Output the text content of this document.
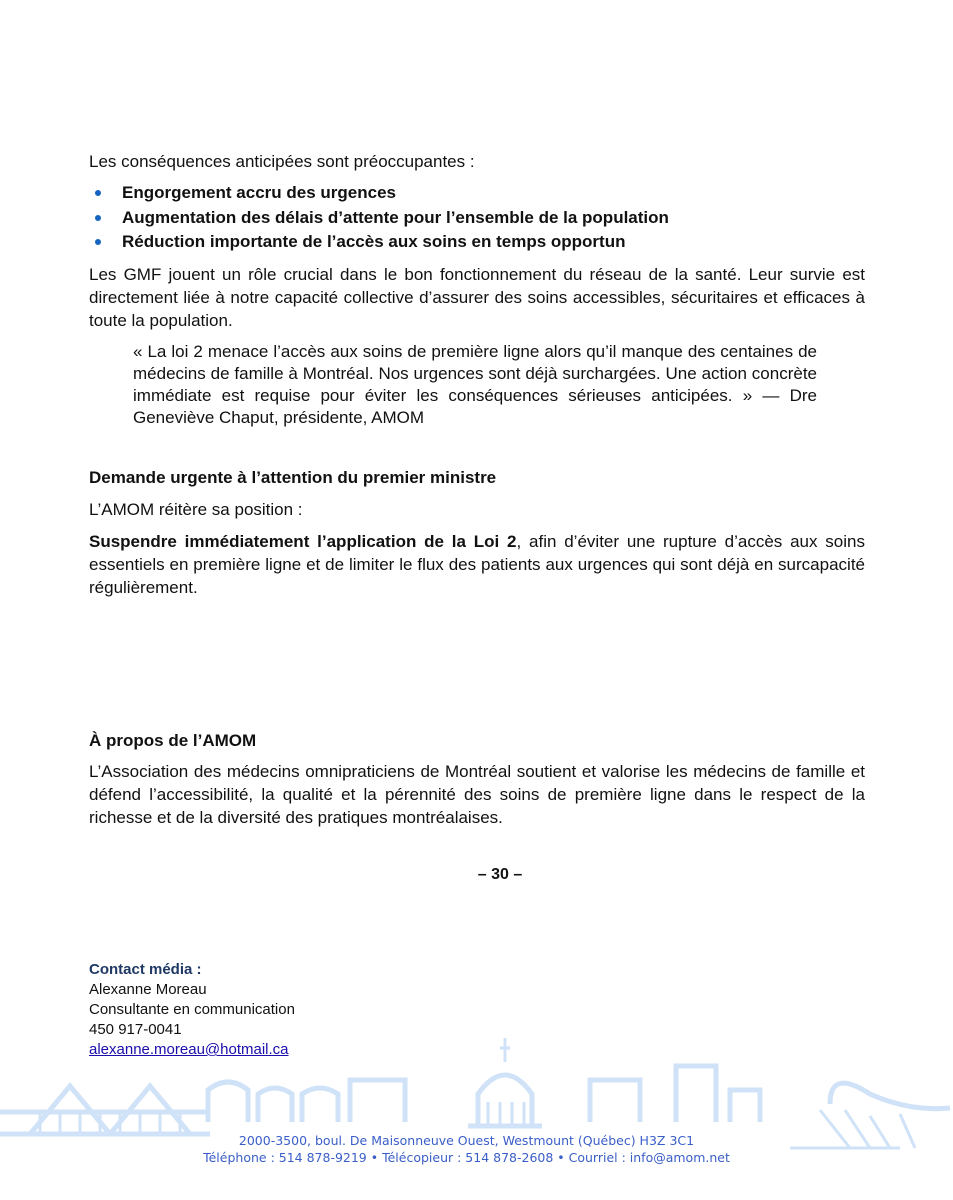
Les conséquences anticipées sont préoccupantes :

Engorgement accru des urgences
Augmentation des délais d’attente pour l’ensemble de la population
Réduction importante de l’accès aux soins en temps opportun

Les GMF jouent un rôle crucial dans le bon fonctionnement du réseau de la santé. Leur survie est directement liée à notre capacité collective d’assurer des soins accessibles, sécuritaires et efficaces à toute la population.

« La loi 2 menace l’accès aux soins de première ligne alors qu’il manque des centaines de médecins de famille à Montréal. Nos urgences sont déjà surchargées. Une action concrète immédiate est requise pour éviter les conséquences sérieuses anticipées. » — Dre Geneviève Chaput, présidente, AMOM

Demande urgente à l’attention du premier ministre

L’AMOM réitère sa position :

Suspendre immédiatement l’application de la Loi 2, afin d’éviter une rupture d’accès aux soins essentiels en première ligne et de limiter le flux des patients aux urgences qui sont déjà en surcapacité régulièrement.

À propos de l’AMOM

L’Association des médecins omnipraticiens de Montréal soutient et valorise les médecins de famille et défend l’accessibilité, la qualité et la pérennité des soins de première ligne dans le respect de la richesse et de la diversité des pratiques montréalaises.

– 30 –

Contact média :
Alexanne Moreau
Consultante en communication
450 917-0041
alexanne.moreau@hotmail.ca

2000-3500, boul. De Maisonneuve Ouest, Westmount (Québec) H3Z 3C1

Téléphone : 514 878-9219 • Télécopieur : 514 878-2608 • Courriel : info@amom.net
